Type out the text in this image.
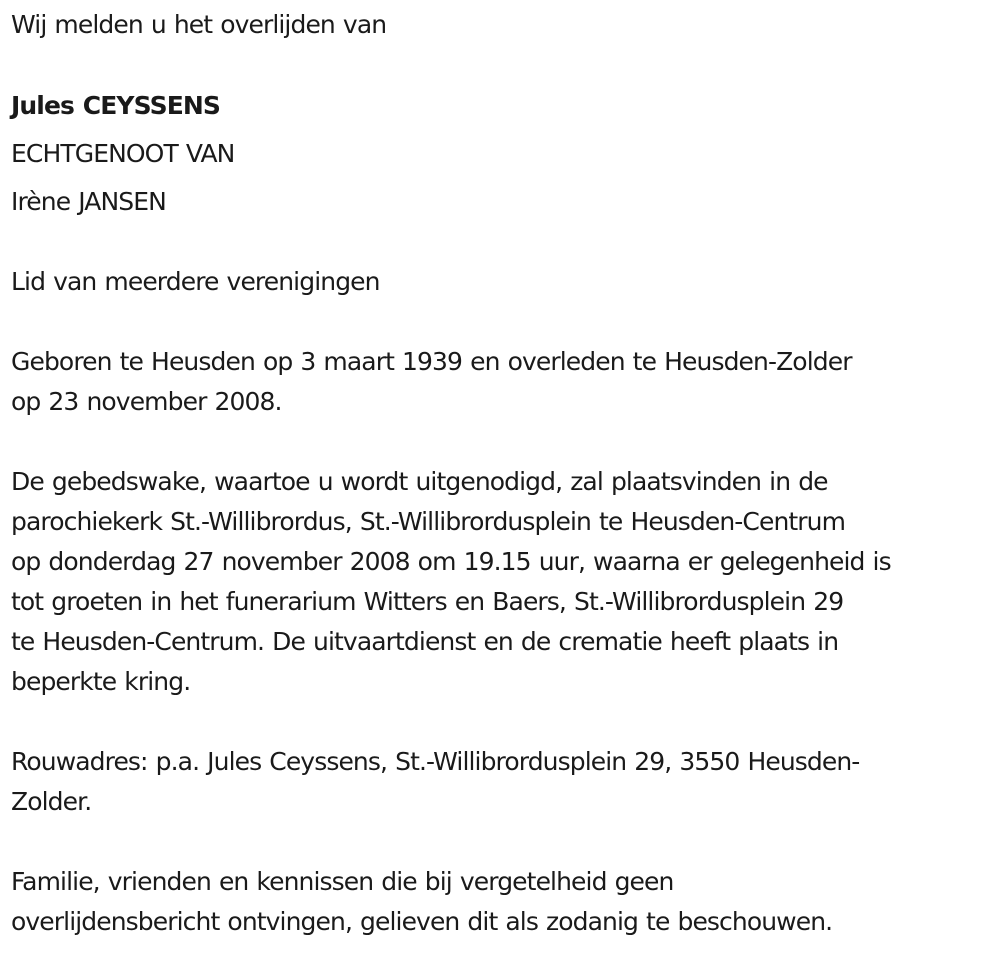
Wij melden u het overlijden van
Jules CEYSSENS
ECHTGENOOT VAN
Irène JANSEN
Lid van meerdere verenigingen
Geboren te Heusden op 3 maart 1939 en overleden te Heusden-Zolder
op 23 november 2008.
De gebedswake, waartoe u wordt uitgenodigd, zal plaatsvinden in de
parochiekerk St.-Willibrordus, St.-Willibrordusplein te Heusden-Centrum
op donderdag 27 november 2008 om 19.15 uur, waarna er gelegenheid is
tot groeten in het funerarium Witters en Baers, St.-Willibrordusplein 29
te Heusden-Centrum. De uitvaartdienst en de crematie heeft plaats in
beperkte kring.
Rouwadres: p.a. Jules Ceyssens, St.-Willibrordusplein 29, 3550 Heusden-
Zolder.
Familie, vrienden en kennissen die bij vergetelheid geen
overlijdensbericht ontvingen, gelieven dit als zodanig te beschouwen.
